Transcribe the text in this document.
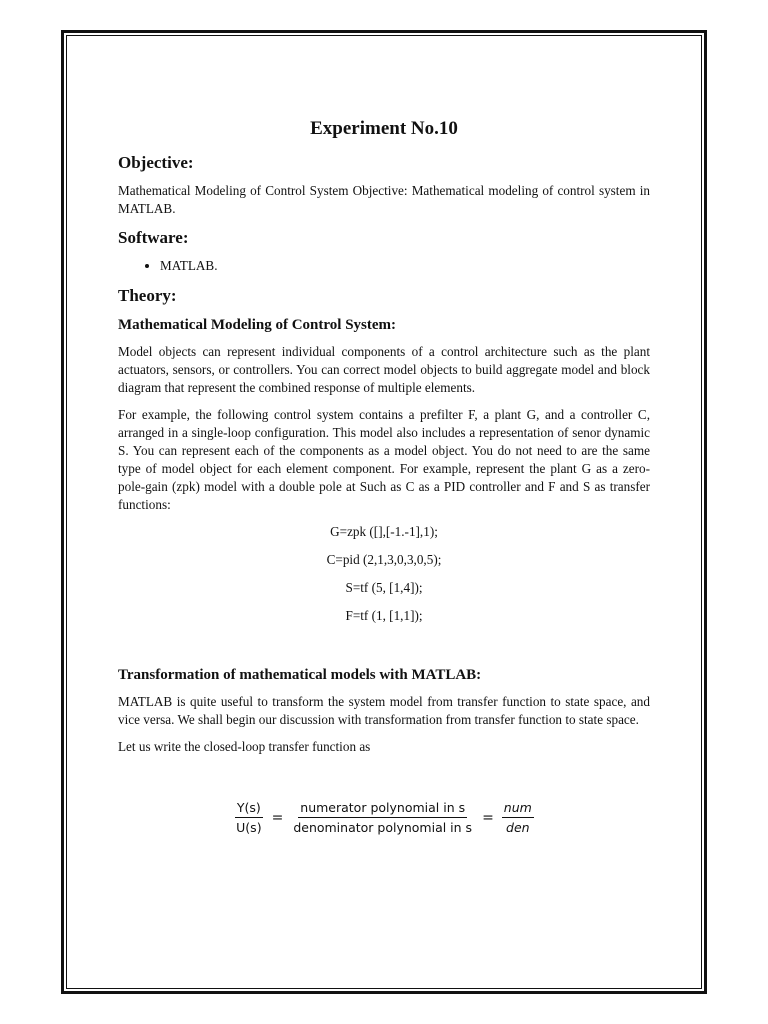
Experiment No.10
Objective:

Mathematical Modeling of Control System Objective: Mathematical modeling of control system in MATLAB.

Software:
• MATLAB.
Theory:
Mathematical Modeling of Control System:

Model objects can represent individual components of a control architecture such as the plant actuators, sensors, or controllers. You can correct model objects to build aggregate model and block diagram that represent the combined response of multiple elements.

For example, the following control system contains a prefilter F, a plant G, and a controller C, arranged in a single-loop configuration. This model also includes a representation of senor dynamic S. You can represent each of the components as a model object. You do not need to are the same type of model object for each element component. For example, represent the plant G as a zero-pole-gain (zpk) model with a double pole at Such as C as a PID controller and F and S as transfer functions:

G=zpk ([],[-1.-1],1);
C=pid (2,1,3,0,3,0,5);
S=tf (5, [1,4]);
F=tf (1, [1,1]);
Transformation of mathematical models with MATLAB:

MATLAB is quite useful to transform the system model from transfer function to state space, and vice versa. We shall begin our discussion with transformation from transfer function to state space.

Let us write the closed-loop transfer function as

$\frac{Y(s)}{U(s)} = \frac{\text{numerator polynomial in s}}{\text{denominator polynomial in s}} = \frac{\text{num}}{\text{den}}$
